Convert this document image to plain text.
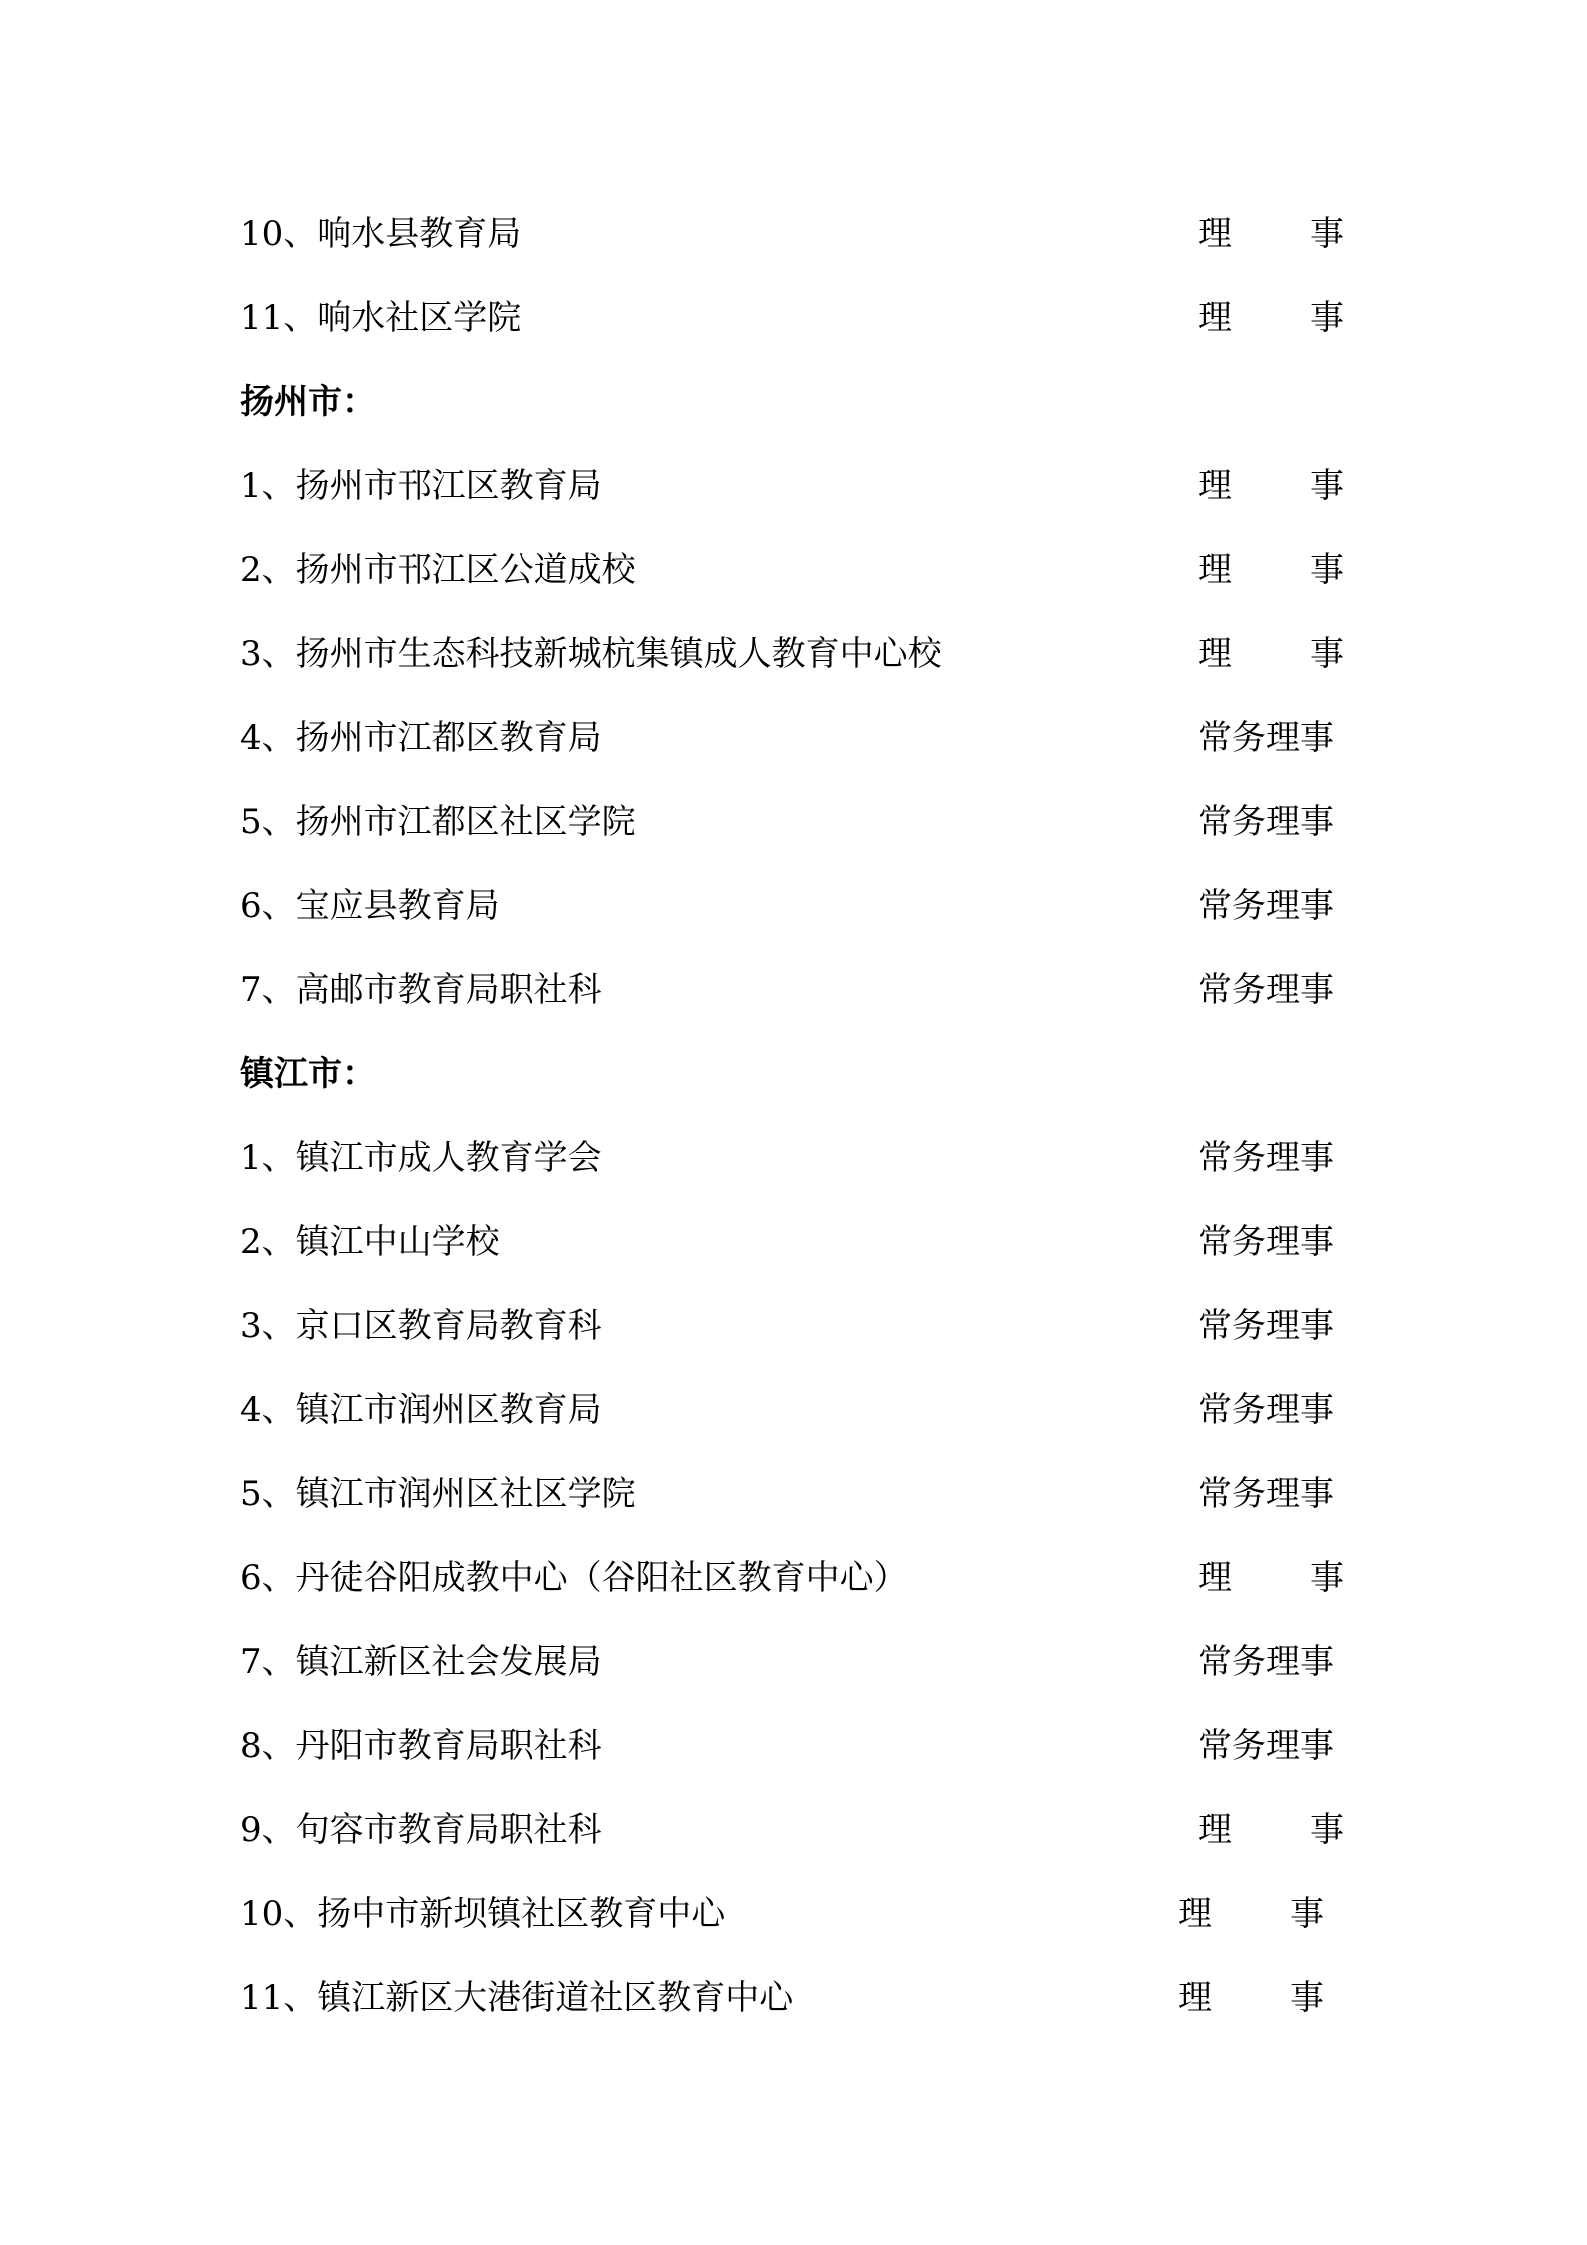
10、响水县教育局	理 事
11、响水社区学院	理 事
扬州市：
1、扬州市邗江区教育局	理 事
2、扬州市邗江区公道成校	理 事
3、扬州市生态科技新城杭集镇成人教育中心校	理 事
4、扬州市江都区教育局	常务理事
5、扬州市江都区社区学院	常务理事
6、宝应县教育局	常务理事
7、高邮市教育局职社科	常务理事
镇江市：
1、镇江市成人教育学会	常务理事
2、镇江中山学校	常务理事
3、京口区教育局教育科	常务理事
4、镇江市润州区教育局	常务理事
5、镇江市润州区社区学院	常务理事
6、丹徒谷阳成教中心（谷阳社区教育中心）	理 事
7、镇江新区社会发展局	常务理事
8、丹阳市教育局职社科	常务理事
9、句容市教育局职社科	理 事
10、扬中市新坝镇社区教育中心	理 事
11、镇江新区大港街道社区教育中心	理 事
